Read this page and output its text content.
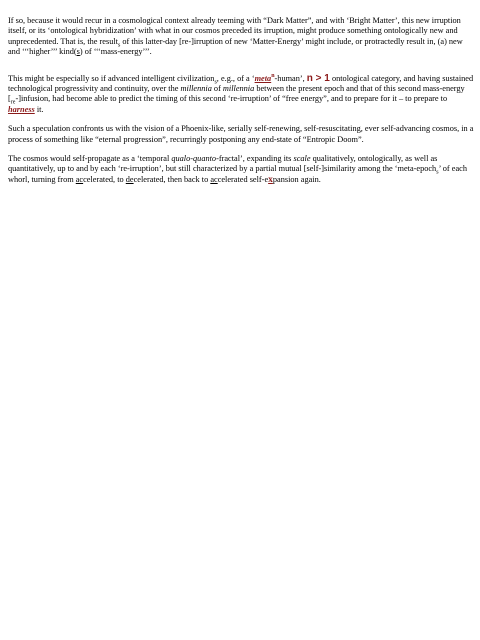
If so, because it would recur in a cosmological context already teeming with “Dark Matter”, and with ‘Bright Matter’, this new irruption itself, or its ‘ontological hybridization’ with what in our cosmos preceded its irruption, might produce something ontologically new and unprecedented. That is, the result$_s$ of this latter-day [re-]irruption of new ‘Matter-Energy’ might include, or protractedly result in, (a) new and ‘‘‘higher’’’ kind(s) of ‘‘‘mass-energy’’’.

This might be especially so if advanced intelligent civilization$_s$, e.g., of a ‘meta$^n$-human’, n > 1 ontological category, and having sustained technological progressivity and continuity, over the millennia of millennia between the present epoch and that of this second mass-energy $[_{re}-]infusion$, had become able to predict the timing of this second ‘re-irruption’ of “free energy”, and to prepare for it – to prepare to harness it.

Such a speculation confronts us with the vision of a Phoenix-like, serially self-renewing, self-resuscitating, ever self-advancing cosmos, in a process of something like “eternal progression”, recurringly postponing any end-state of “Entropic Doom”.

The cosmos would self-propagate as a ‘temporal qualo-quanto-fractal’, expanding its scale qualitatively, ontologically, as well as quantitatively, up to and by each ‘re-irruption’, but still characterized by a partial mutual [self-]similarity among the ‘meta-epoch$_s$’ of each whorl, turning from accelerated, to decelerated, then back to accelerated self-expansion again.
